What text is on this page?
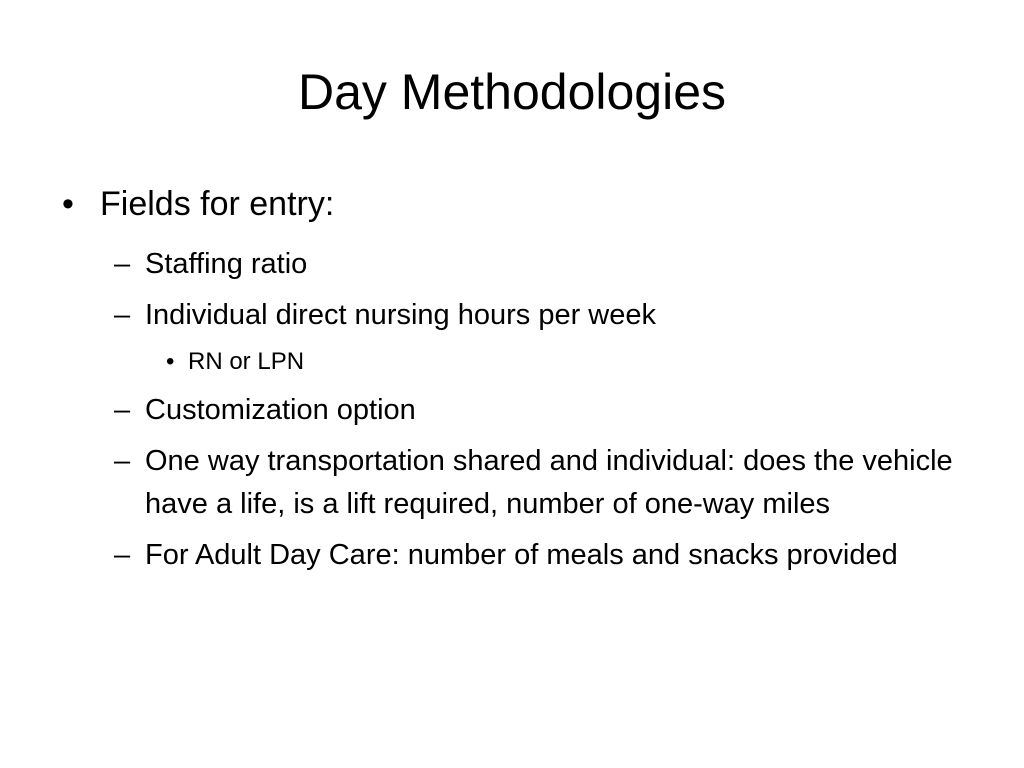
Day Methodologies
• Fields for entry:
– Staffing ratio
– Individual direct nursing hours per week
• RN or LPN
– Customization option
– One way transportation shared and individual: does the vehicle have a life, is a lift required, number of one-way miles
– For Adult Day Care: number of meals and snacks provided
